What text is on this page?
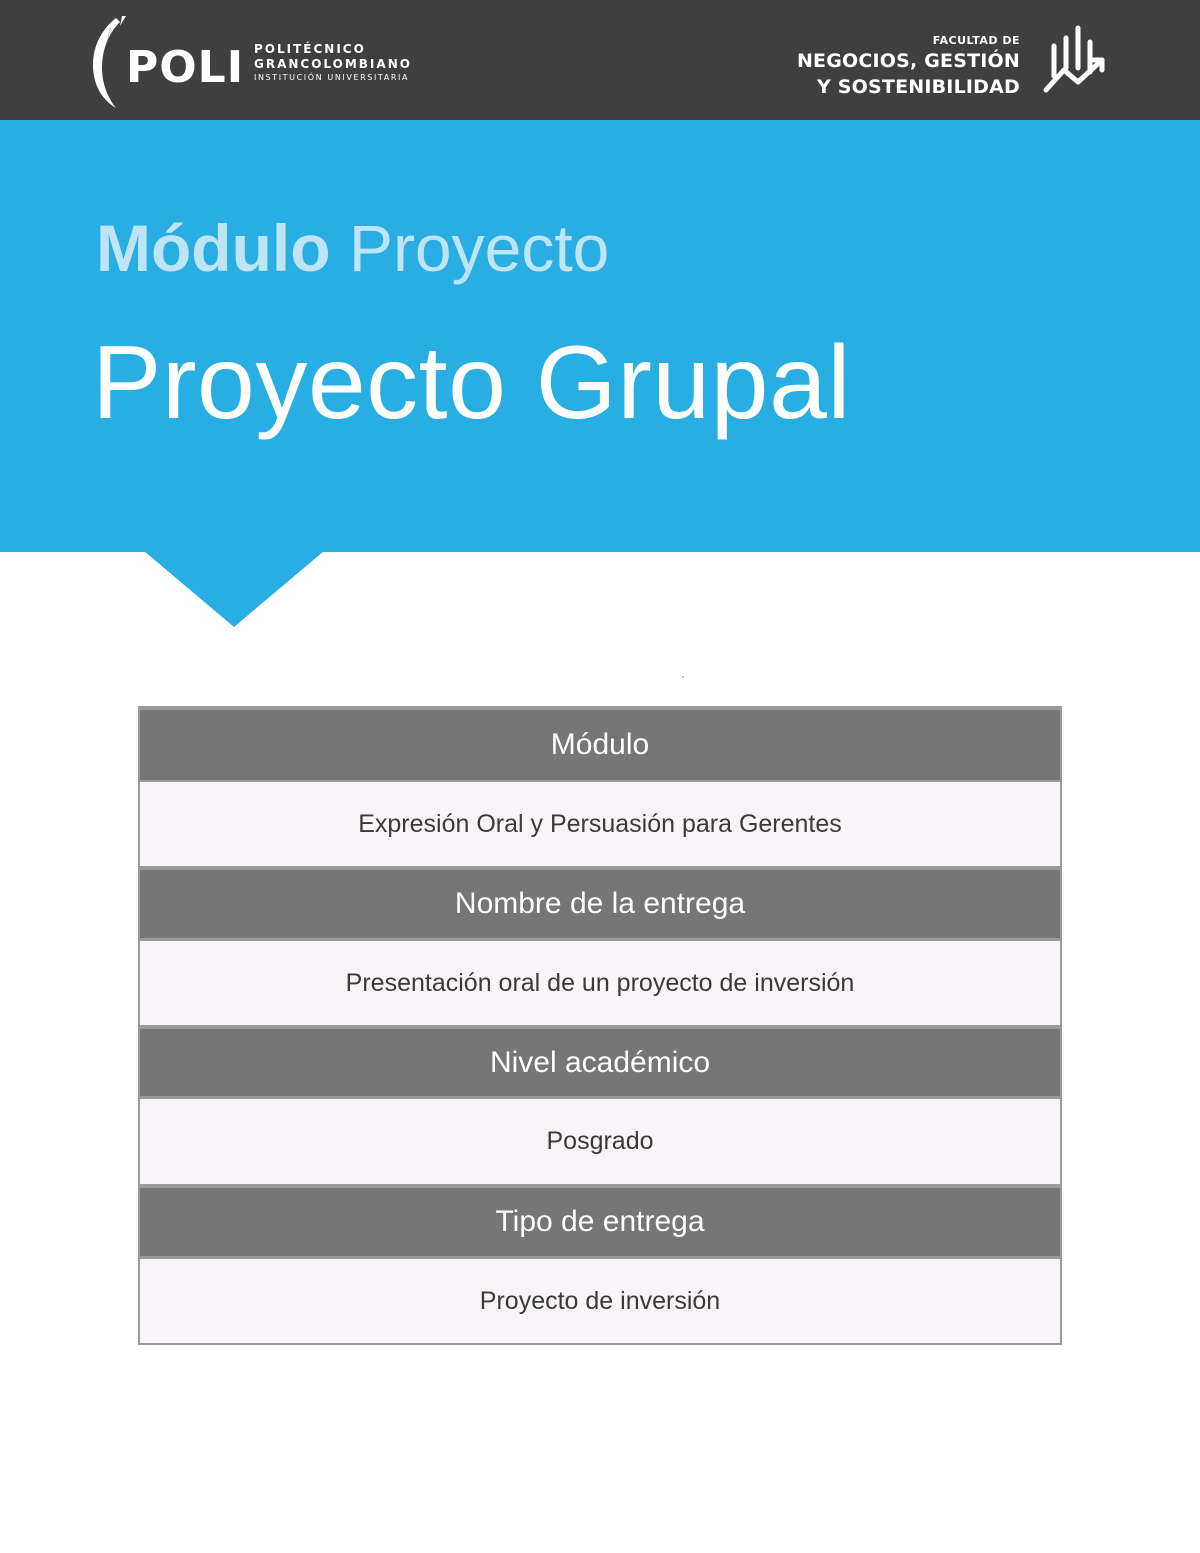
POLI POLITÉCNICO
GRANCOLOMBIANO
INSTITUCIÓN UNIVERSITARIA
FACULTAD DE
NEGOCIOS, GESTIÓN
Y SOSTENIBILIDAD
Módulo Proyecto
Proyecto Grupal
Módulo
Expresión Oral y Persuasión para Gerentes
Nombre de la entrega
Presentación oral de un proyecto de inversión
Nivel académico
Posgrado
Tipo de entrega
Proyecto de inversión
